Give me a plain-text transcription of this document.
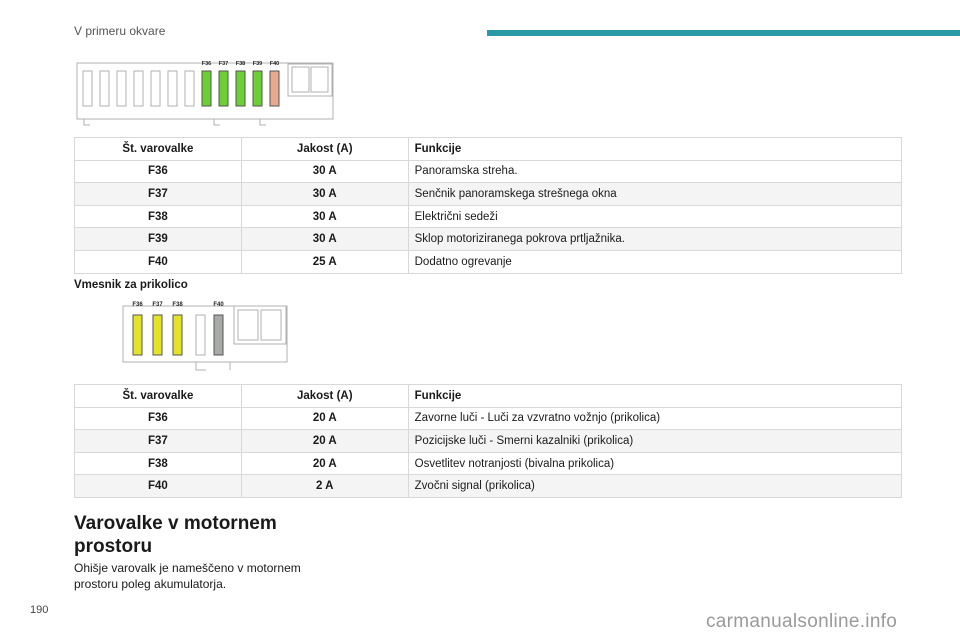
V primeru okvare
F36 F37 F38 F39 F40
Št. varovalke	Jakost (A)	Funkcije
F36	30 A	Panoramska streha.
F37	30 A	Senčnik panoramskega strešnega okna
F38	30 A	Električni sedeži
F39	30 A	Sklop motoriziranega pokrova prtljažnika.
F40	25 A	Dodatno ogrevanje
Vmesnik za prikolico
F36 F37 F38	F40
Št. varovalke	Jakost (A)	Funkcije
F36	20 A	Zavorne luči - Luči za vzvratno vožnjo (prikolica)
F37	20 A	Pozicijske luči - Smerni kazalniki (prikolica)
F38	20 A	Osvetlitev notranjosti (bivalna prikolica)
F40	2 A	Zvočni signal (prikolica)
Varovalke v motornem prostoru
Ohišje varovalk je nameščeno v motornem prostoru poleg akumulatorja.
190
carmanualsonline.info
